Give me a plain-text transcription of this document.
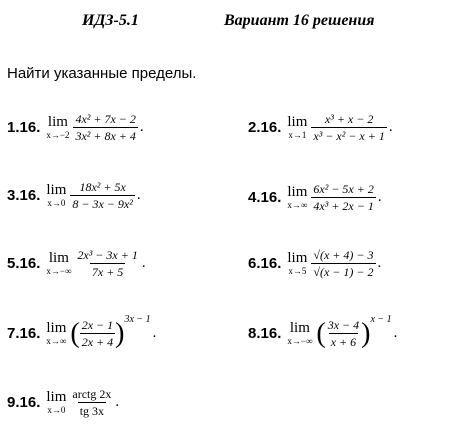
ИДЗ-5.1	Вариант 16 решения
Найти указанные пределы.
1.16. lim
$x\to-2 \frac{\text{4x² + 7x − 2}}{\text{3x² + 8x + 4}}$ .	2.16. lim
$x\to 1 \frac{\text{x³ + x − 2}}{\text{x³ − x² − x + 1}}$ .
3.16. lim
$x\to 0 \frac{\text{18x² + 5x}}{\text{8 − 3x − 9x²}}$ .	4.16. lim
$x\to\infty \frac{\text{6x² − 5x + 2}}{\text{4x³ + 2x − 1}}$ .
5.16. lim
$x\to-\infty \frac{\text{2x³ − 3x + 1}}{7x + 5}$ .	6.16. lim
$x\to 5 \frac{√(x + 4) - 3}{√(x - 1) - 2}$ .
7.16. lim
x→∞ ( $\frac{2x - 1}{2x + 4}$ ) 3x − 1
.	8.16. lim
x→−∞ ( $\frac{3x - 4}{x + 6}$ ) x − 1
.
9.16. lim
$x\to 0 \frac{\text{arctg 2x}}{tg 3x}$ .
